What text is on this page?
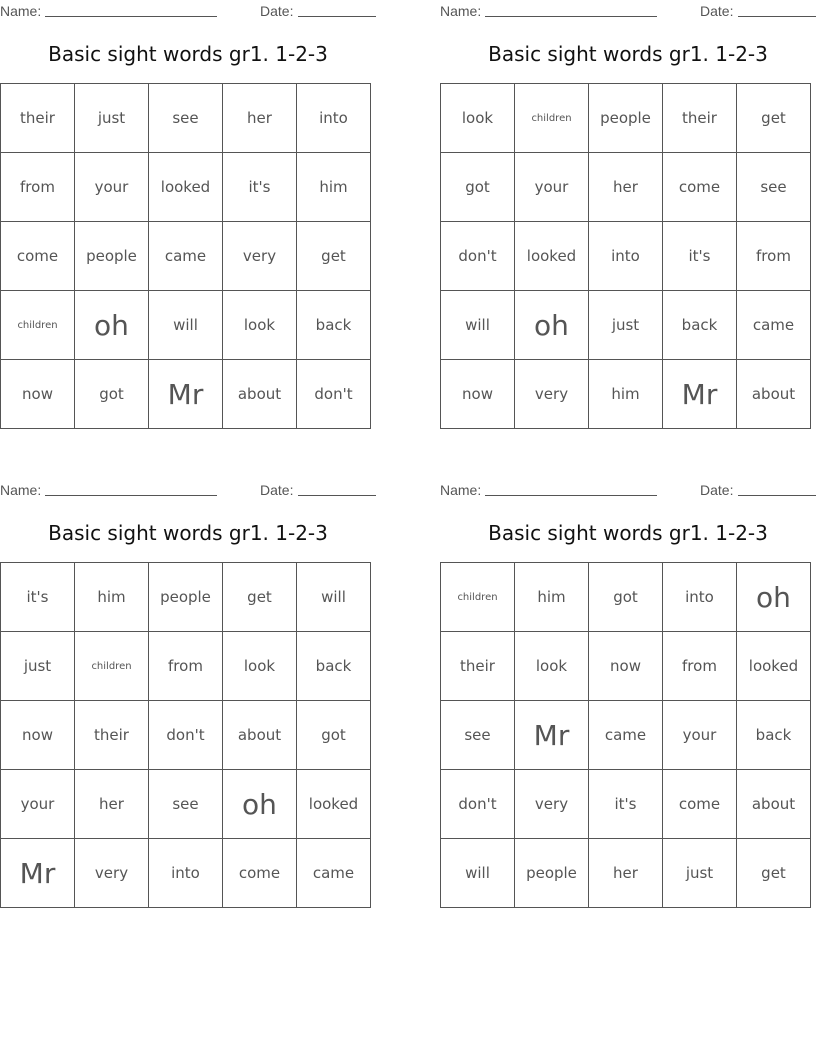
Name:	Date:
Basic sight words gr1. 1-2-3
their	just	see	her	into
from	your	looked	it's	him
come	people	came	very	get
children	oh	will	look	back
now	got	Mr	about	don't
Name:	Date:
Basic sight words gr1. 1-2-3
look	children	people	their	get
got	your	her	come	see
don't	looked	into	it's	from
will	oh	just	back	came
now	very	him	Mr	about
Name:	Date:
Basic sight words gr1. 1-2-3
it's	him	people	get	will
just	children	from	look	back
now	their	don't	about	got
your	her	see	oh	looked
Mr	very	into	come	came
Name:	Date:
Basic sight words gr1. 1-2-3
children	him	got	into	oh
their	look	now	from	looked
see	Mr	came	your	back
don't	very	it's	come	about
will	people	her	just	get
